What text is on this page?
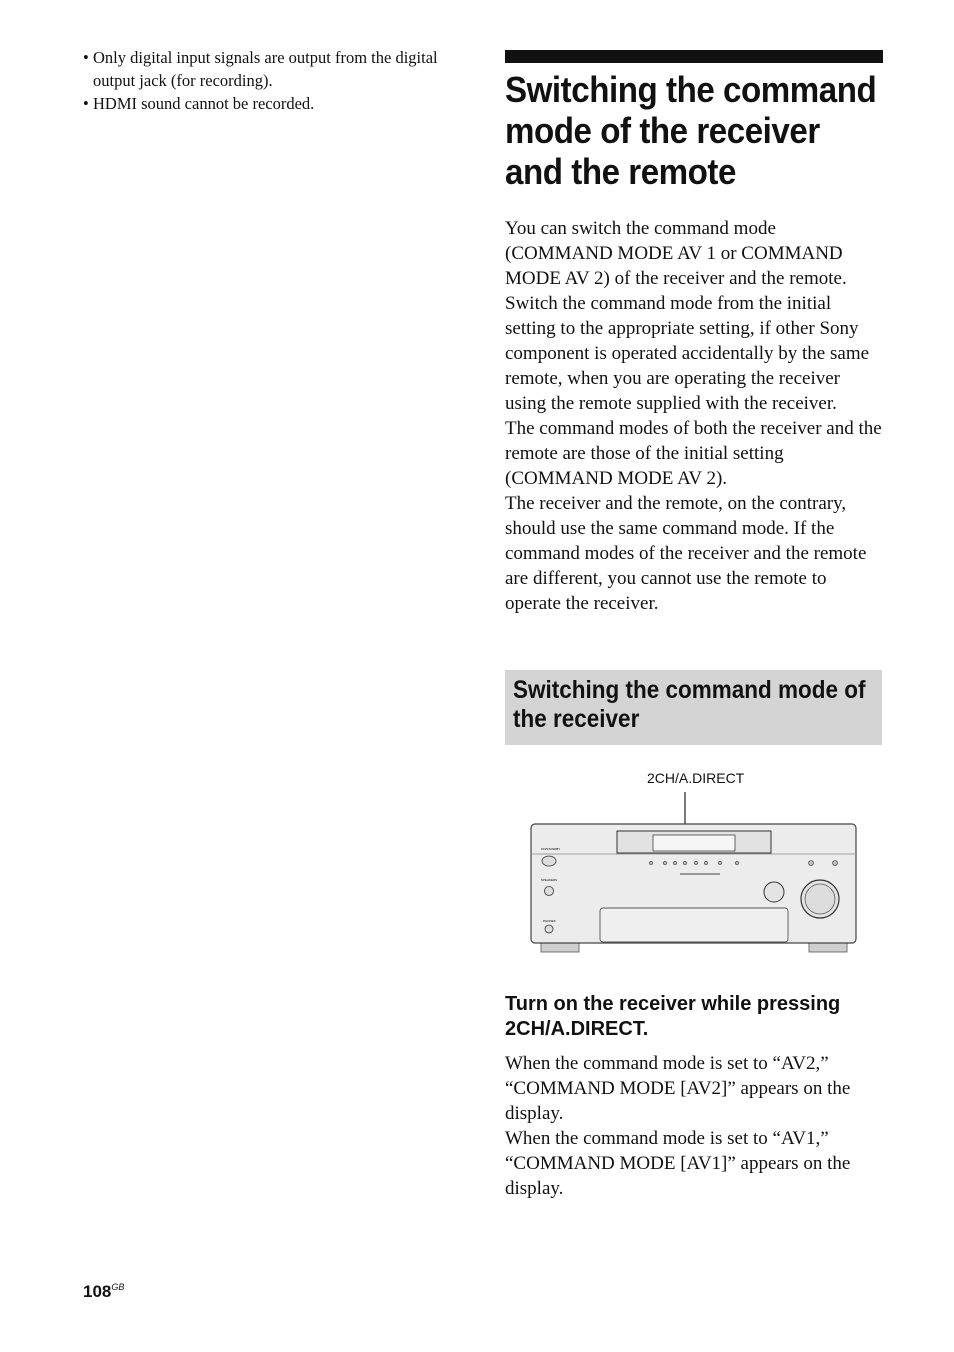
• Only digital input signals are output from the digital output jack (for recording).

• HDMI sound cannot be recorded.	Switching the command mode of the receiver and the remote

You can switch the command mode (COMMAND MODE AV 1 or COMMAND MODE AV 2) of the receiver and the remote. Switch the command mode from the initial setting to the appropriate setting, if other Sony component is operated accidentally by the same remote, when you are operating the receiver using the remote supplied with the receiver.

The command modes of both the receiver and the remote are those of the initial setting (COMMAND MODE AV 2).

The receiver and the remote, on the contrary, should use the same command mode. If the command modes of the receiver and the remote are different, you cannot use the remote to operate the receiver.

Switching the command mode of the receiver
2CH/A.DIRECT
ON/STANDBY
SPEAKERS
PHONES
Turn on the receiver while pressing 2CH/A.DIRECT.

When the command mode is set to “AV2,” “COMMAND MODE [AV2]” appears on the display.

When the command mode is set to “AV1,” “COMMAND MODE [AV1]” appears on the display.

$108^{GB}$
